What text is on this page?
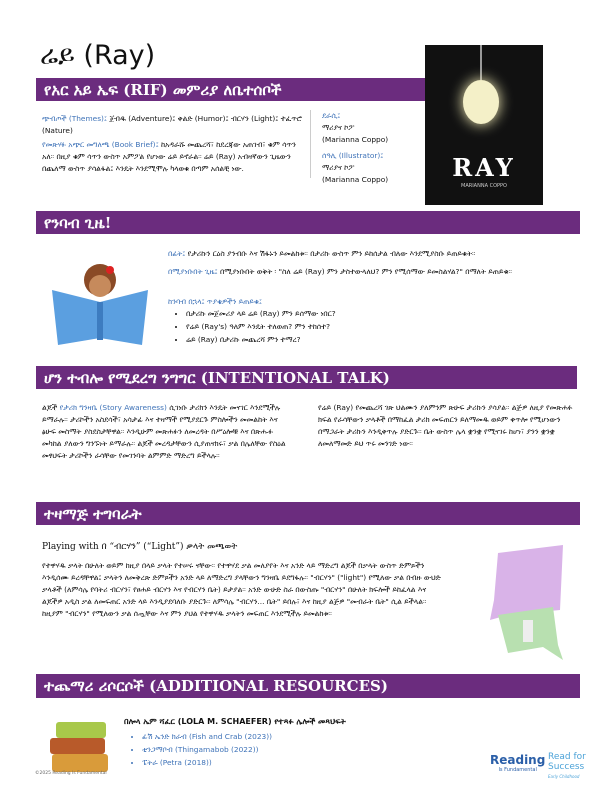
ሬይ (Ray)
የአር አይ ኤፍ (RIF) መምሪያ ለቤተሰቦች
ጭብጦች (Themes)፤ ጀብዱ (Adventure)፤ ቀልድ (Humor)፤ ብርሃን (Light)፤ ተፈጥሮ (Nature)
የመጽሃፉ አጭር መግለጫ (Book Brief)፤ ከአዳራሹ መጨረሻ፣ ከደረጃው አጠገብ፣ ቁም ሳጥን አለ። በዚያ ቁም ሳጥን ውስጥ አምፖል የሆነው ሬይ ይኖራል። ሬይ (Ray) አብዛኛውን ጊዜውን በጨለማ ውስጥ ያሳልፋል፤ እንዴት እንደሚሞሉ ካላወቁ በጣም አሰልቺ ነው.
ደራሲ፤
ማሪያና ኮፖ
(Marianna Coppo)
ሰዓሊ (Illustrator)፤
ማሪያና ኮፖ
(Marianna Coppo)	RAY
MARIANNA COPPO
የንባብ ጊዜ!
በፊት፤ የታሪኩን ርዕስ ያንብቡ እና ሽፋኑን ይመልከቱ። በታሪኩ ውስጥ ምን ይከሰታል ብለው እንደሚያስቡ ይጠይቁት።
በሚያነቡበት ጊዜ፤ በሚያነቡበት ወቅት ፡ "ስለ ሬይ (Ray) ምን ታስተውላለህ? ምን የሚሰማው ይመስልሃል?" በማለት ይጠይቁ።
ከንባብ በኋላ፤ ጥያቄዎችን ይጠይቁ፤
• በታሪኩ መጀመሪያ ላይ ሬይ (Ray) ምን ይሰማው ነበር?
• የሬይ (Ray's) ዓለም እንዴት ተለወጠ? ምን ተከሰተ?
• ሬይ (Ray) በታሪኩ መጨረሻ ምን ተማረ?
ሆን ተብሎ የሚደረግ ንግግር (INTENTIONAL TALK)
ልጆች የታሪክ ግንዛቤ (Story Awareness) ሲገነቡ ታሪክን እንዴት መናገር እንደሚችሉ ይማራሉ። ታሪኮችን አስደሳች፣ አሳታፊ እና ተዛማች የሚያደርጉ ምስሎችን መመልከት እና ፅሁፍ መስማት ያስደስታቸዋል። እንዲሁም መጽሐፉን ለመረዳት በሥዕሎቹ እና በጽሑፉ መካከል ያለውን ግንኙነት ይማራሉ። ልጆች መረዳታቸውን ሲያጠናክሩ፣ ቃል በሌለቸው የስዕል መፃህፍት ታሪኮችን ራሳቸው የመገንባት ልምምድ ማድረግ ይችላሉ።
የሬይ (Ray) የመጨረሻ ገጽ ህልሙን ያለምንም ጽሁፍ ታሪኩን ያሳያል። ልጅዎ ለዚያ የመጽሐፉ ክፍል የራሳቸውን ቃላቶች በማከፈል ታሪክ መፍጠርን ይለማመዱ ወይም ቀጥሎ የሚሆነውን በማጋራት ታሪኩን እንዲቀጥሉ ያድርጉ። ቤት ውስጥ ሌላ ቋንቋ የሚናገሩ ከሆነ፣ ያንን ቋንቋ ለመለማመድ ይህ ጥሩ መንገድ ነው።
ተዛማጅ ተግባራት
Playing with በ “ብርሃን” (“Light”) ቃላት መጫወት
የተዋሃዱ ቃላት በሁለት ወይም ከዚያ በላይ ቃላት የተሠሩ ናቸው። የተዋሃደ ቃል መለያየት እና አንድ ላይ ማድረግ ልጆች በቃላት ውስጥ ድምጾችን እንዲሰሙ ይረዳቸዋል፤ ቃላትን ለመቅረጽ ድምጾችን አንድ ላይ ለማድረግ ያላቸውን ግንዛቤ ይደግፋሉ። "ብርሃን" ("light") የሚለው ቃል በብዙ ውህድ ቃላቶች (ለምሳሌ የባትሪ ብርሃን፣ የፀሐይ ብርሃን እና የብርሃን ቤት) ይታያል። አንድ ውሁድ ስራ በውስጡ "ብርሃን" በሁለት ክፍሎች ይከፈላል እና ልጆችዎ አዲስ ቃል ለመፍጠር አንድ ላይ እንዲያደባለቡ ያድርጉ። ለምሳሌ "ብርሃን... ቤት" ይበሉ፣ እና ከዚያ ልጅዎ "መብራት ቤት" ሲል ይችላል። ከዚያም "ብርሃን" የሚለውን ቃል ሰጧቸው እና ምን ያህል የተዋሃዱ ቃላትን መፍጠር እንደሚችሉ ይመልከቱ።
ተጨማሪ ሪሶርሶች (ADDITIONAL RESOURCES)
በሎላ ኤም ሻፈር (LOLA M. SCHAEFER) የተጻፉ ሌሎች መጻህፍት
• ፊሽ ኤንድ ክራብ (Fish and Crab (2023))
• ቲንጋማቦብ (Thingamabob (2022))
• ፔትራ (Petra (2018))
©2025 Reading Is Fundamental
Reading
Is Fundamental
Read for Success
Early Childhood
